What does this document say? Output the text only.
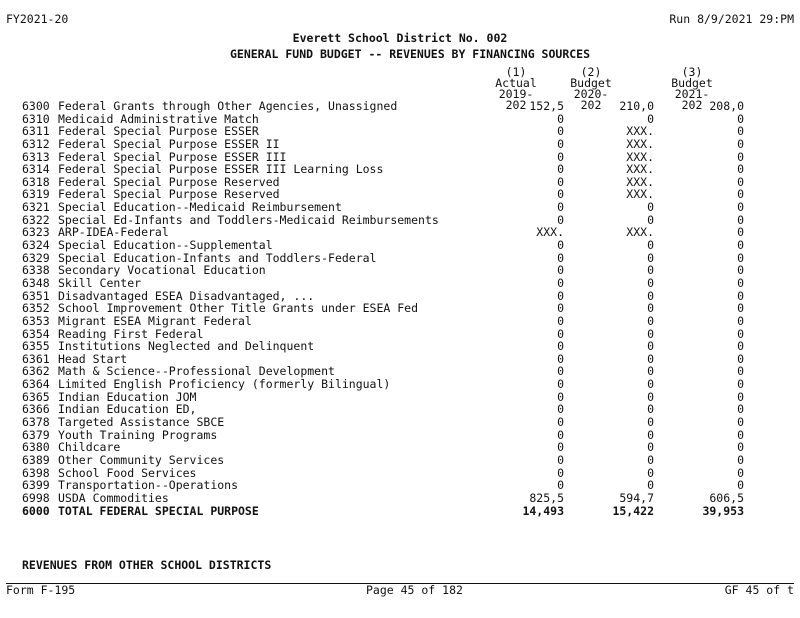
FY2021-20	Run 8/9/2021 29:PM
Everett School District No. 002
GENERAL FUND BUDGET -- REVENUES BY FINANCING SOURCES
(1)
Actual
2019-202
(2)
Budget
2020-202
(3)
Budget
2021-202
6300	Federal Grants through Other Agencies, Unassigned	152,5	210,0	208,0
6310	Medicaid Administrative Match	0	0	0
6311	Federal Special Purpose ESSER	0	XXX.	0
6312	Federal Special Purpose ESSER II	0	XXX.	0
6313	Federal Special Purpose ESSER III	0	XXX.	0
6314	Federal Special Purpose ESSER III Learning Loss	0	XXX.	0
6318	Federal Special Purpose Reserved	0	XXX.	0
6319	Federal Special Purpose Reserved	0	XXX.	0
6321	Special Education--Medicaid Reimbursement	0	0	0
6322	Special Ed-Infants and Toddlers-Medicaid Reimbursements	0	0	0
6323	ARP-IDEA-Federal	XXX.	XXX.	0
6324	Special Education--Supplemental	0	0	0
6329	Special Education-Infants and Toddlers-Federal	0	0	0
6338	Secondary Vocational Education	0	0	0
6348	Skill Center	0	0	0
6351	Disadvantaged ESEA Disadvantaged, ...	0	0	0
6352	School Improvement Other Title Grants under ESEA Fed	0	0	0
6353	Migrant ESEA Migrant Federal	0	0	0
6354	Reading First Federal	0	0	0
6355	Institutions Neglected and Delinquent	0	0	0
6361	Head Start	0	0	0
6362	Math & Science--Professional Development	0	0	0
6364	Limited English Proficiency (formerly Bilingual)	0	0	0
6365	Indian Education JOM	0	0	0
6366	Indian Education ED,	0	0	0
6378	Targeted Assistance SBCE	0	0	0
6379	Youth Training Programs	0	0	0
6380	Childcare	0	0	0
6389	Other Community Services	0	0	0
6398	School Food Services	0	0	0
6399	Transportation--Operations	0	0	0
6998	USDA Commodities	825,5	594,7	606,5
6000	TOTAL FEDERAL SPECIAL PURPOSE	14,493	15,422	39,953
REVENUES FROM OTHER SCHOOL DISTRICTS
Form F-195	Page 45 of 182	GF 45 of t
